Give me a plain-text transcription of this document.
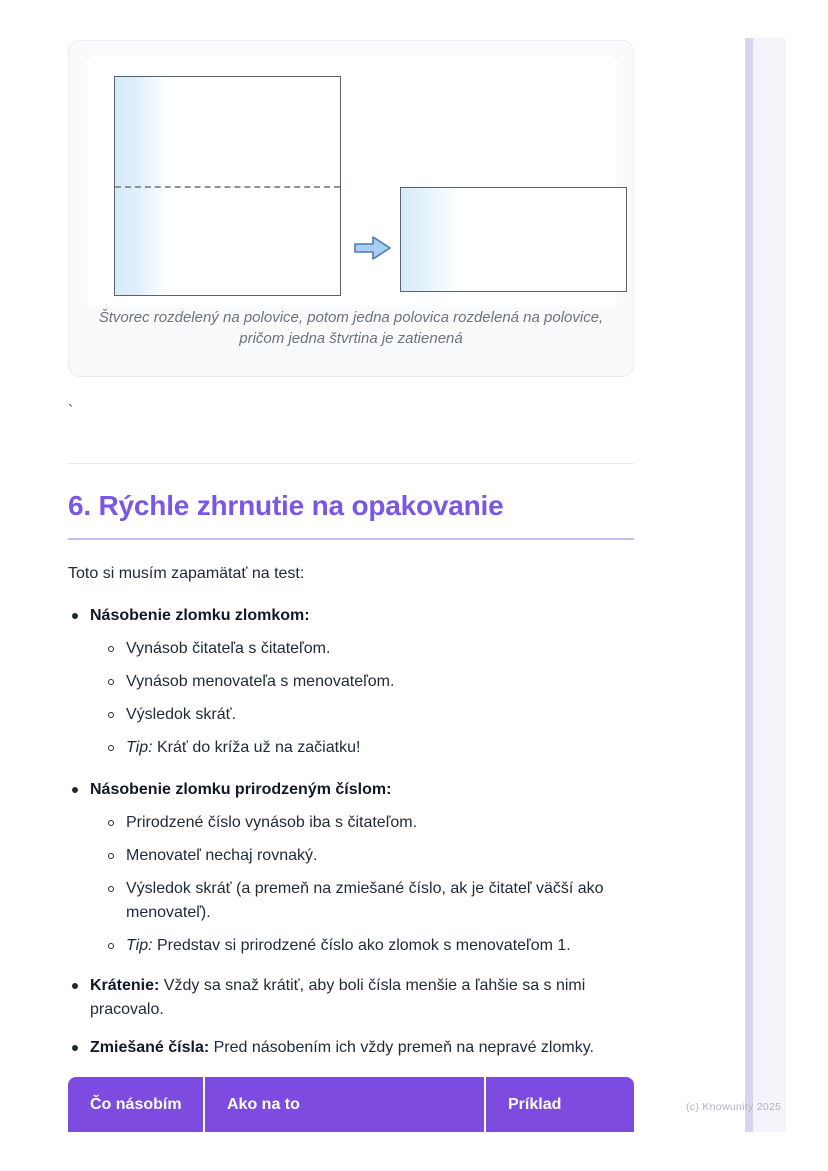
Štvorec rozdelený na polovice, potom jedna polovica rozdelená na polovice, pričom jedna štvrtina je zatienená
`
6. Rýchle zhrnutie na opakovanie

Toto si musím zapamätať na test:

Násobenie zlomku zlomkom:
Vynásob čitateľa s čitateľom.
Vynásob menovateľa s menovateľom.
Výsledok skráť.
Tip: Kráť do kríža už na začiatku!
Násobenie zlomku prirodzeným číslom:
Prirodzené číslo vynásob iba s čitateľom.
Menovateľ nechaj rovnaký.
Výsledok skráť (a premeň na zmiešané číslo, ak je čitateľ väčší ako menovateľ).
Tip: Predstav si prirodzené číslo ako zlomok s menovateľom 1.
Krátenie: Vždy sa snaž krátiť, aby boli čísla menšie a ľahšie sa s nimi pracovalo.
Zmiešané čísla: Pred násobením ich vždy premeň na nepravé zlomky.
Čo násobím	Ako na to	Príklad	(c) Knowunity 2025
